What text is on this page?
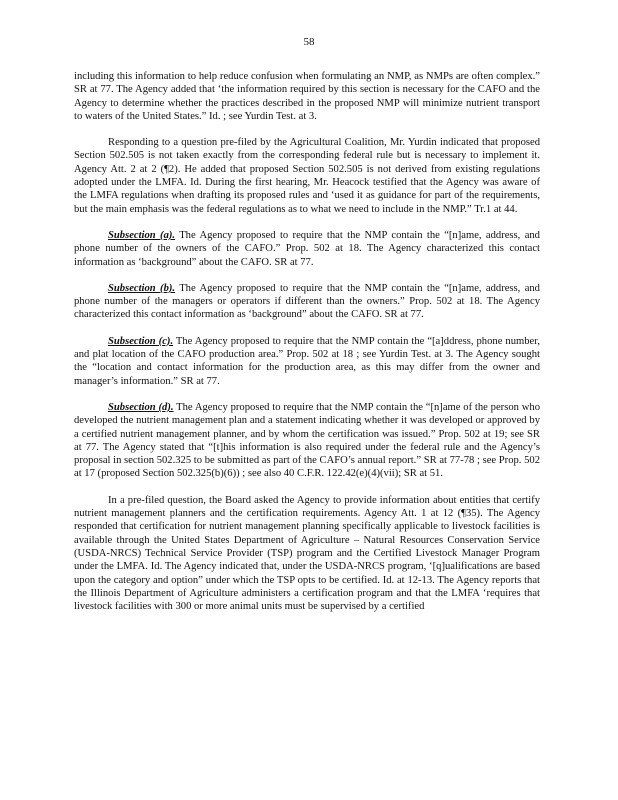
58

including this information to help reduce confusion when formulating an NMP, as NMPs are often complex.” SR at 77. The Agency added that ‘the information required by this section is necessary for the CAFO and the Agency to determine whether the practices described in the proposed NMP will minimize nutrient transport to waters of the United States.” Id. ; see Yurdin Test. at 3.

Responding to a question pre-filed by the Agricultural Coalition, Mr. Yurdin indicated that proposed Section 502.505 is not taken exactly from the corresponding federal rule but is necessary to implement it. Agency Att. 2 at 2 (¶2). He added that proposed Section 502.505 is not derived from existing regulations adopted under the LMFA. Id. During the first hearing, Mr. Heacock testified that the Agency was aware of the LMFA regulations when drafting its proposed rules and ‘used it as guidance for part of the requirements, but the main emphasis was the federal regulations as to what we need to include in the NMP.” Tr.1 at 44.

Subsection (a). The Agency proposed to require that the NMP contain the “[n]ame, address, and phone number of the owners of the CAFO.” Prop. 502 at 18. The Agency characterized this contact information as ‘background” about the CAFO. SR at 77.

Subsection (b). The Agency proposed to require that the NMP contain the “[n]ame, address, and phone number of the managers or operators if different than the owners.” Prop. 502 at 18. The Agency characterized this contact information as ‘background” about the CAFO. SR at 77.

Subsection (c). The Agency proposed to require that the NMP contain the “[a]ddress, phone number, and plat location of the CAFO production area.” Prop. 502 at 18 ; see Yurdin Test. at 3. The Agency sought the “location and contact information for the production area, as this may differ from the owner and manager’s information.” SR at 77.

Subsection (d). The Agency proposed to require that the NMP contain the “[n]ame of the person who developed the nutrient management plan and a statement indicating whether it was developed or approved by a certified nutrient management planner, and by whom the certification was issued.” Prop. 502 at 19; see SR at 77. The Agency stated that “[t]his information is also required under the federal rule and the Agency’s proposal in section 502.325 to be submitted as part of the CAFO’s annual report.” SR at 77-78 ; see Prop. 502 at 17 (proposed Section 502.325(b)(6)) ; see also 40 C.F.R. 122.42(e)(4)(vii); SR at 51.

In a pre-filed question, the Board asked the Agency to provide information about entities that certify nutrient management planners and the certification requirements. Agency Att. 1 at 12 (¶35). The Agency responded that certification for nutrient management planning specifically applicable to livestock facilities is available through the United States Department of Agriculture – Natural Resources Conservation Service (USDA-NRCS) Technical Service Provider (TSP) program and the Certified Livestock Manager Program under the LMFA. Id. The Agency indicated that, under the USDA-NRCS program, ‘[q]ualifications are based upon the category and option” under which the TSP opts to be certified. Id. at 12-13. The Agency reports that the Illinois Department of Agriculture administers a certification program and that the LMFA ‘requires that livestock facilities with 300 or more animal units must be supervised by a certified
